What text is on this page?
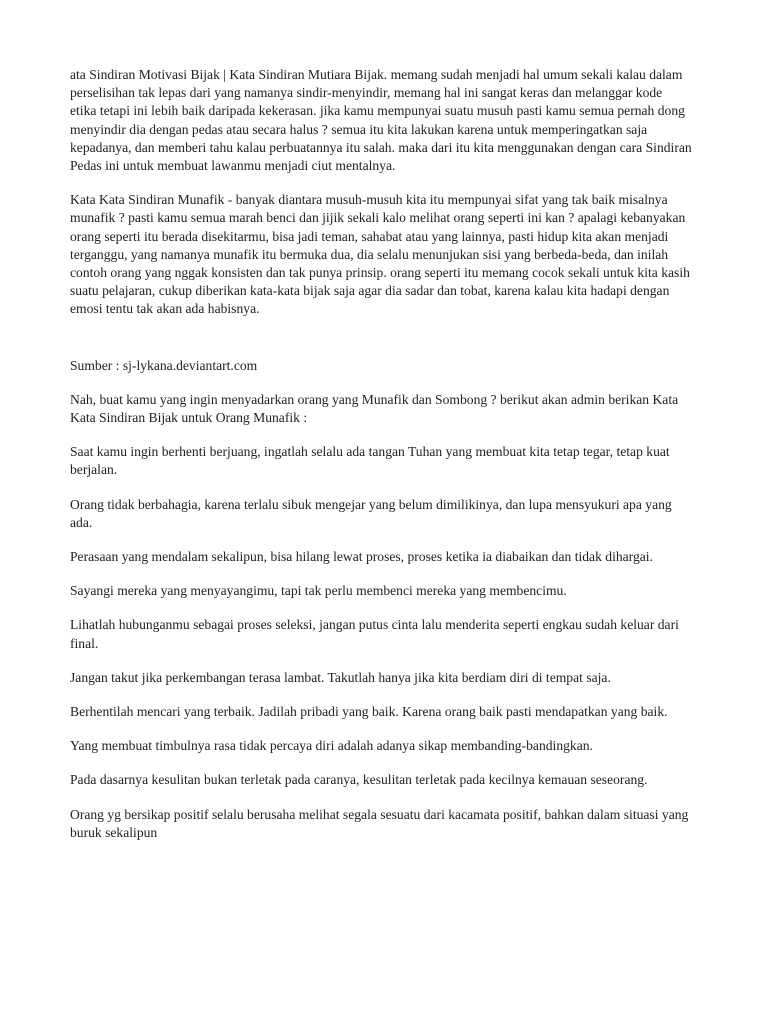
ata Sindiran Motivasi Bijak | Kata Sindiran Mutiara Bijak. memang sudah menjadi hal umum sekali kalau dalam perselisihan tak lepas dari yang namanya sindir-menyindir, memang hal ini sangat keras dan melanggar kode etika tetapi ini lebih baik daripada kekerasan. jika kamu mempunyai suatu musuh pasti kamu semua pernah dong menyindir dia dengan pedas atau secara halus ? semua itu kita lakukan karena untuk memperingatkan saja kepadanya, dan memberi tahu kalau perbuatannya itu salah. maka dari itu kita menggunakan dengan cara Sindiran Pedas ini untuk membuat lawanmu menjadi ciut mentalnya.

Kata Kata Sindiran Munafik - banyak diantara musuh-musuh kita itu mempunyai sifat yang tak baik misalnya munafik ? pasti kamu semua marah benci dan jijik sekali kalo melihat orang seperti ini kan ? apalagi kebanyakan orang seperti itu berada disekitarmu, bisa jadi teman, sahabat atau yang lainnya, pasti hidup kita akan menjadi terganggu, yang namanya munafik itu bermuka dua, dia selalu menunjukan sisi yang berbeda-beda, dan inilah contoh orang yang nggak konsisten dan tak punya prinsip. orang seperti itu memang cocok sekali untuk kita kasih suatu pelajaran, cukup diberikan kata-kata bijak saja agar dia sadar dan tobat, karena kalau kita hadapi dengan emosi tentu tak akan ada habisnya.

Sumber : sj-lykana.deviantart.com

Nah, buat kamu yang ingin menyadarkan orang yang Munafik dan Sombong ? berikut akan admin berikan Kata Kata Sindiran Bijak untuk Orang Munafik :

Saat kamu ingin berhenti berjuang, ingatlah selalu ada tangan Tuhan yang membuat kita tetap tegar, tetap kuat berjalan.

Orang tidak berbahagia, karena terlalu sibuk mengejar yang belum dimilikinya, dan lupa mensyukuri apa yang ada.

Perasaan yang mendalam sekalipun, bisa hilang lewat proses, proses ketika ia diabaikan dan tidak dihargai.

Sayangi mereka yang menyayangimu, tapi tak perlu membenci mereka yang membencimu.

Lihatlah hubunganmu sebagai proses seleksi, jangan putus cinta lalu menderita seperti engkau sudah keluar dari final.

Jangan takut jika perkembangan terasa lambat. Takutlah hanya jika kita berdiam diri di tempat saja.

Berhentilah mencari yang terbaik. Jadilah pribadi yang baik. Karena orang baik pasti mendapatkan yang baik.

Yang membuat timbulnya rasa tidak percaya diri adalah adanya sikap membanding-bandingkan.

Pada dasarnya kesulitan bukan terletak pada caranya, kesulitan terletak pada kecilnya kemauan seseorang.

Orang yg bersikap positif selalu berusaha melihat segala sesuatu dari kacamata positif, bahkan dalam situasi yang buruk sekalipun
